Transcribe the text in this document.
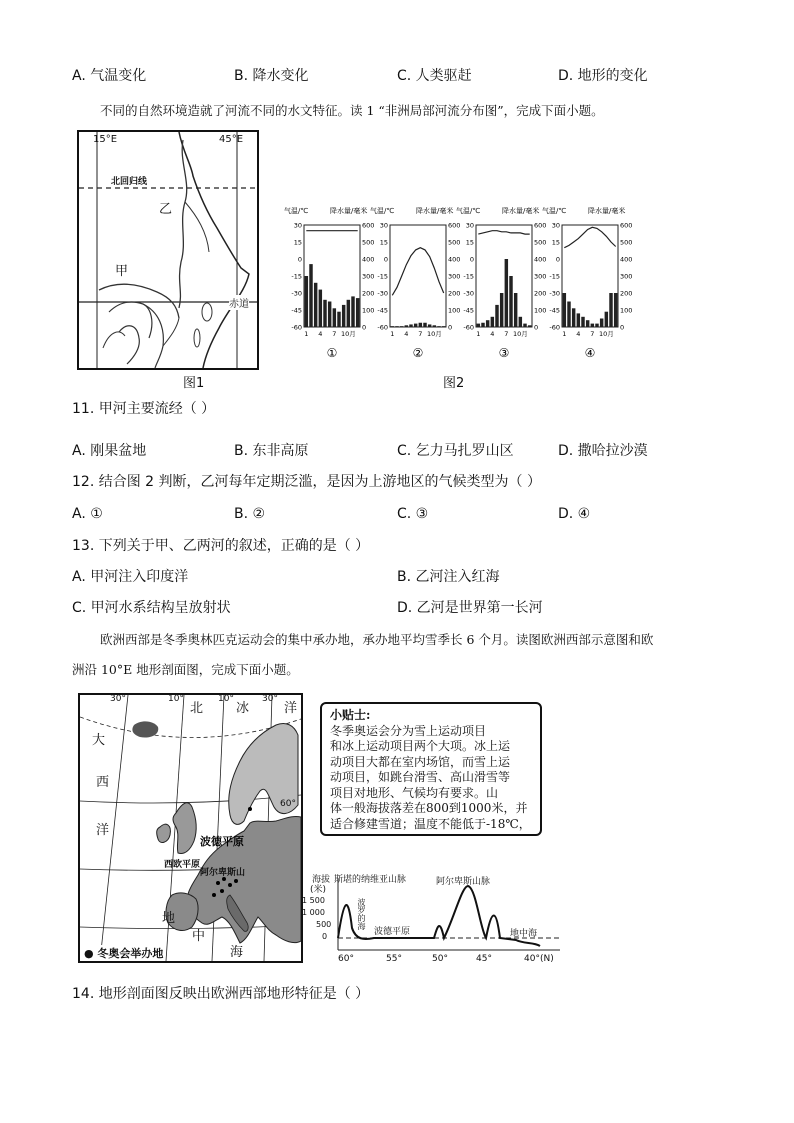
A. 气温变化	B. 降水变化	C. 人类驱赶	D. 地形的变化
不同的自然环境造就了河流不同的水文特征。读 1 “非洲局部河流分布图”，完成下面小题。
15°E	45°E
北回归线
赤道
甲
乙
图1
气温/℃	降水量/毫米
30
15
0
-15
-30
-45
-60
600
500
400
300
200
100
0
1 4 7 10月
①
气温/℃	降水量/毫米
30
15
0
-15
-30
-45
-60
600
500
400
300
200
100
0
1 4 7 10月
②
气温/℃	降水量/毫米
30
15
0
-15
-30
-45
-60
600
500
400
300
200
100
0
1 4 7 10月
③
气温/℃	降水量/毫米
30
15
0
-15
-30
-45
-60
600
500
400
300
200
100
0
1 4 7 10月
④
图2
11. 甲河主要流经（ ）
A. 刚果盆地	B. 东非高原	C. 乞力马扎罗山区	D. 撒哈拉沙漠
12. 结合图 2 判断，乙河每年定期泛滥，是因为上游地区的气候类型为（ ）
A. ①	B. ②	C. ③	D. ④
13. 下列关于甲、乙两河的叙述，正确的是（ ）
A. 甲河注入印度洋	B. 乙河注入红海
C. 甲河水系结构呈放射状	D. 乙河是世界第一长河
欧洲西部是冬季奥林匹克运动会的集中承办地，承办地平均雪季长 6 个月。读图欧洲西部示意图和欧
洲沿 10°E 地形剖面图，完成下面小题。
30°	10°	10°	30°
北	冰	洋
大
西
洋
60°
波德平原
西欧平原
阿尔卑斯山
地
中
海
● 冬奥会举办地
小贴士:
冬季奥运会分为雪上运动项目
和冰上运动项目两个大项。冰上运
动项目大都在室内场馆，而雪上运
动项目，如跳台滑雪、高山滑雪等
项目对地形、气候均有要求。山
体一般海拔落差在800到1000米，并
适合修建雪道；温度不能低于-18℃，
海拔
(米)
斯堪的纳维亚山脉	阿尔卑斯山脉
1 500
1 000
500
0
波罗的海
波德平原	地中海
60°	55°	50°	45°	40°(N)
14. 地形剖面图反映出欧洲西部地形特征是（ ）
